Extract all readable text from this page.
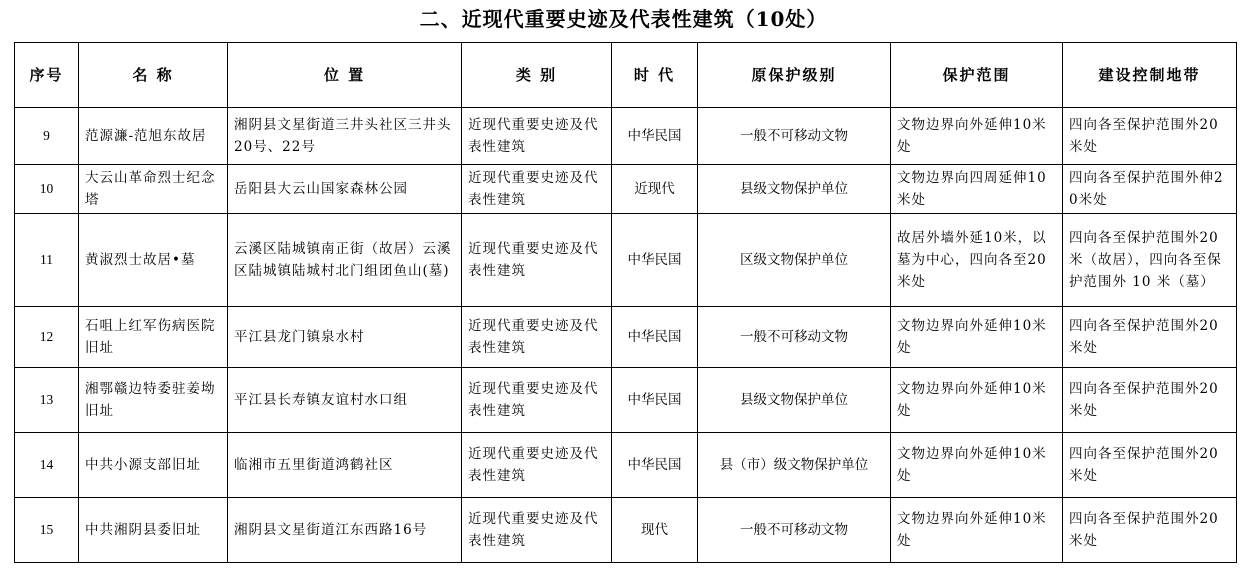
二、近现代重要史迹及代表性建筑（10处）
序号	名 称	位 置	类 别	时 代	原保护级别	保护范围	建设控制地带
9	范源濂-范旭东故居	湘阴县文星街道三井头社区三井头20号、22号	近现代重要史迹及代表性建筑	中华民国	一般不可移动文物	文物边界向外延伸10米处	四向各至保护范围外20米处
10	大云山革命烈士纪念塔	岳阳县大云山国家森林公园	近现代重要史迹及代表性建筑	近现代	县级文物保护单位	文物边界向四周延伸10米处	四向各至保护范围外伸20米处
11	黄淑烈士故居•墓	云溪区陆城镇南正街（故居）云溪区陆城镇陆城村北门组团鱼山(墓)	近现代重要史迹及代表性建筑	中华民国	区级文物保护单位	故居外墙外延10米，以墓为中心，四向各至20米处	四向各至保护范围外20米（故居），四向各至保护范围外 10 米（墓）
12	石咀上红军伤病医院旧址	平江县龙门镇泉水村	近现代重要史迹及代表性建筑	中华民国	一般不可移动文物	文物边界向外延伸10米处	四向各至保护范围外20米处
13	湘鄂赣边特委驻姜坳旧址	平江县长寿镇友谊村水口组	近现代重要史迹及代表性建筑	中华民国	县级文物保护单位	文物边界向外延伸10米处	四向各至保护范围外20米处
14	中共小源支部旧址	临湘市五里街道鸿鹤社区	近现代重要史迹及代表性建筑	中华民国	县（市）级文物保护单位	文物边界向外延伸10米处	四向各至保护范围外20米处
15	中共湘阴县委旧址	湘阴县文星街道江东西路16号	近现代重要史迹及代表性建筑	现代	一般不可移动文物	文物边界向外延伸10米处	四向各至保护范围外20米处
